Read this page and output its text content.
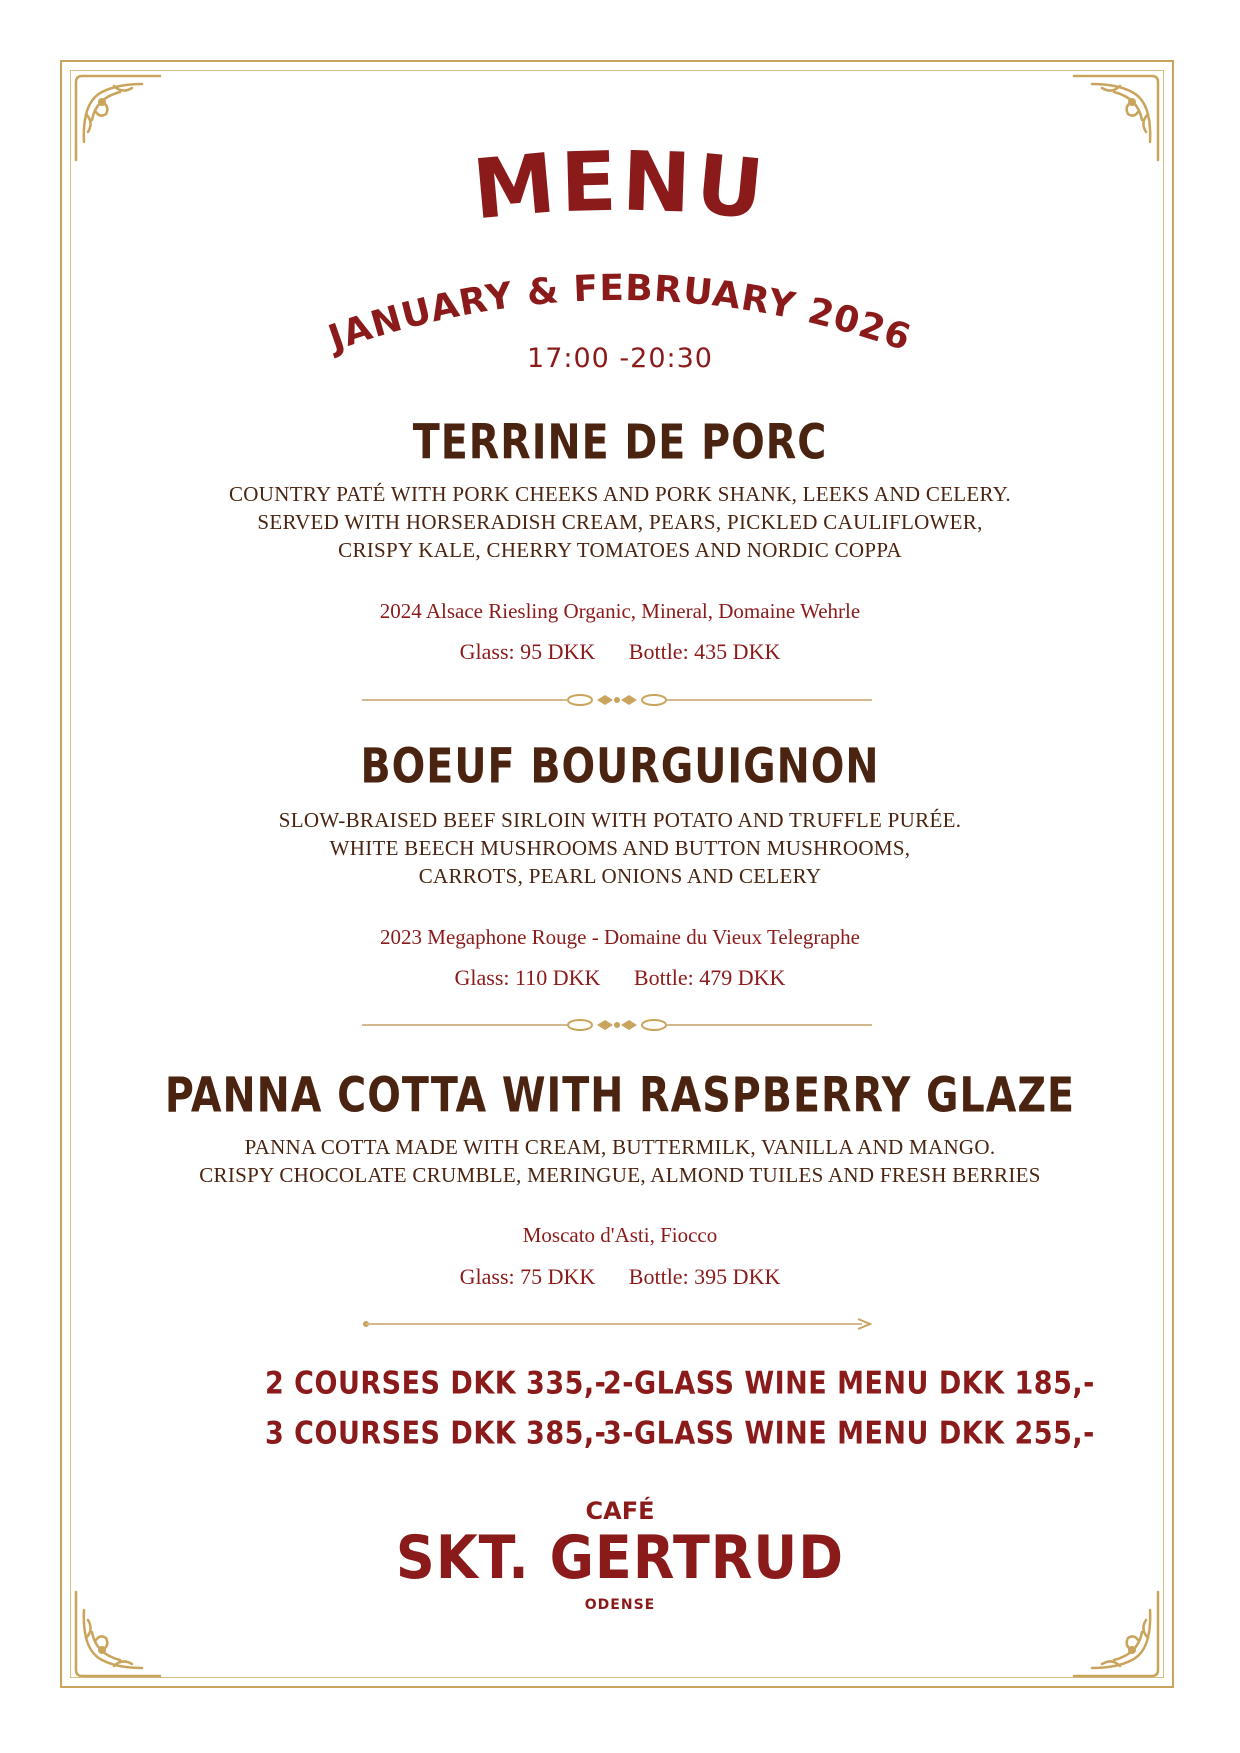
MENU
JANUARY & FEBRUARY 2026
17:00 -20:30
TERRINE DE PORC
COUNTRY PATÉ WITH PORK CHEEKS AND PORK SHANK, LEEKS AND CELERY.
SERVED WITH HORSERADISH CREAM, PEARS, PICKLED CAULIFLOWER,
CRISPY KALE, CHERRY TOMATOES AND NORDIC COPPA
2024 Alsace Riesling Organic, Mineral, Domaine Wehrle
Glass: 95 DKK Bottle: 435 DKK
BOEUF BOURGUIGNON
SLOW-BRAISED BEEF SIRLOIN WITH POTATO AND TRUFFLE PURÉE.
WHITE BEECH MUSHROOMS AND BUTTON MUSHROOMS,
CARROTS, PEARL ONIONS AND CELERY
2023 Megaphone Rouge - Domaine du Vieux Telegraphe
Glass: 110 DKK Bottle: 479 DKK
PANNA COTTA WITH RASPBERRY GLAZE
PANNA COTTA MADE WITH CREAM, BUTTERMILK, VANILLA AND MANGO.
CRISPY CHOCOLATE CRUMBLE, MERINGUE, ALMOND TUILES AND FRESH BERRIES
Moscato d'Asti, Fiocco
Glass: 75 DKK Bottle: 395 DKK
2 COURSES DKK 335,-
3 COURSES DKK 385,-
2-GLASS WINE MENU DKK 185,-
3-GLASS WINE MENU DKK 255,-
CAFÉ
SKT. GERTRUD
ODENSE
